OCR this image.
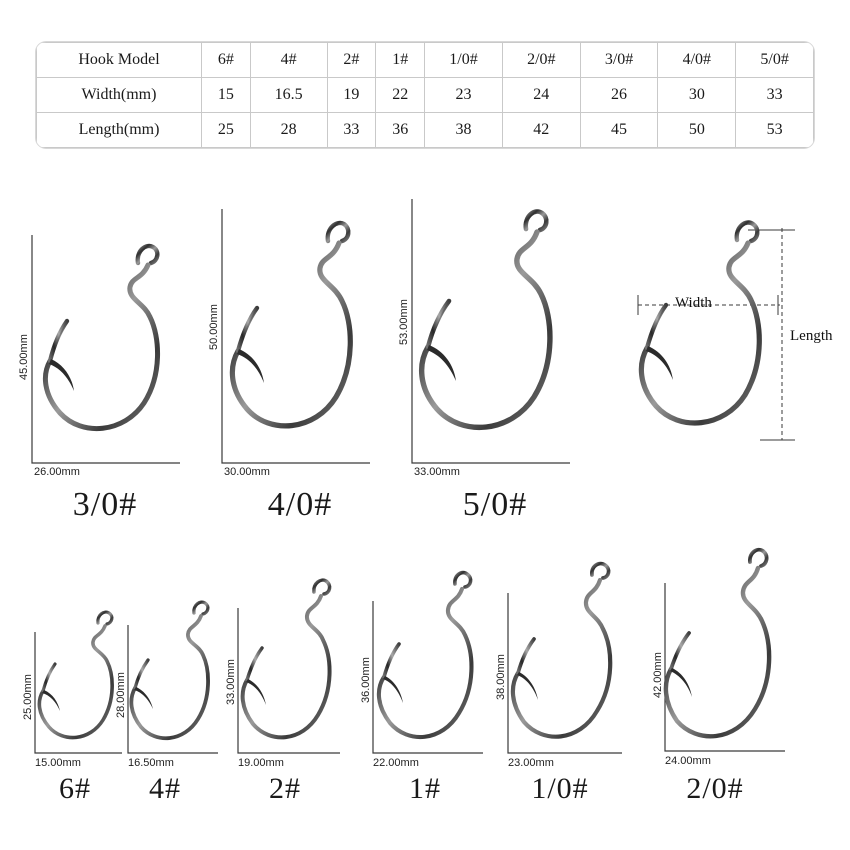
Hook Model	6#	4#	2#	1#	1/0#	2/0#	3/0#	4/0#	5/0#
Width(mm)	15	16.5	19	22	23	24	26	30	33
Length(mm)	25	28	33	36	38	42	45	50	53
45.00mm
26.00mm
3/0#
50.00mm
30.00mm
4/0#
53.00mm
33.00mm
5/0#
Width
Length
25.00mm
15.00mm
6#
28.00mm
16.50mm
4#
33.00mm
19.00mm
2#
36.00mm
22.00mm
1#
38.00mm
23.00mm
1/0#
42.00mm
24.00mm
2/0#
